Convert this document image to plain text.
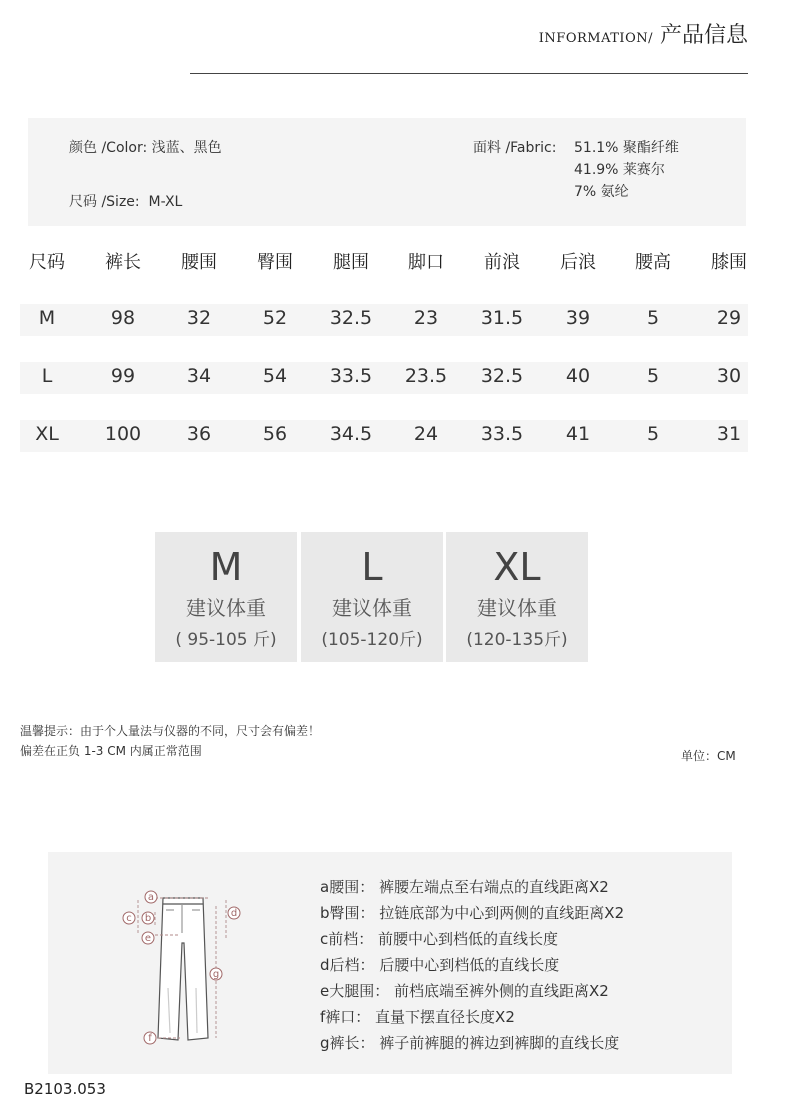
INFORMATION/ 产品信息
颜色 /Color: 浅蓝、黑色
尺码 /Size: M-XL
面料 /Fabric: 51.1% 聚酯纤维
41.9% 莱赛尔
7% 氨纶
尺码	裤长	腰围	臀围	腿围	脚口	前浪	后浪	腰高	膝围
M	98	32	52	32.5	23	31.5	39	5	29
L	99	34	54	33.5	23.5	32.5	40	5	30
XL	100	36	56	34.5	24	33.5	41	5	31
M
建议体重
( 95-105 斤)
L
建议体重
(105-120斤)
XL
建议体重
(120-135斤)
温馨提示：由于个人量法与仪器的不同，尺寸会有偏差！
偏差在正负 1-3 CM 内属正常范围	单位：CM
a
c b	d
e
g
f
a腰围： 裤腰左端点至右端点的直线距离X2
b臀围： 拉链底部为中心到两侧的直线距离X2
c前档： 前腰中心到档低的直线长度
d后档： 后腰中心到档低的直线长度
e大腿围： 前档底端至裤外侧的直线距离X2
f裤口： 直量下摆直径长度X2
g裤长： 裤子前裤腿的裤边到裤脚的直线长度
B2103.053
